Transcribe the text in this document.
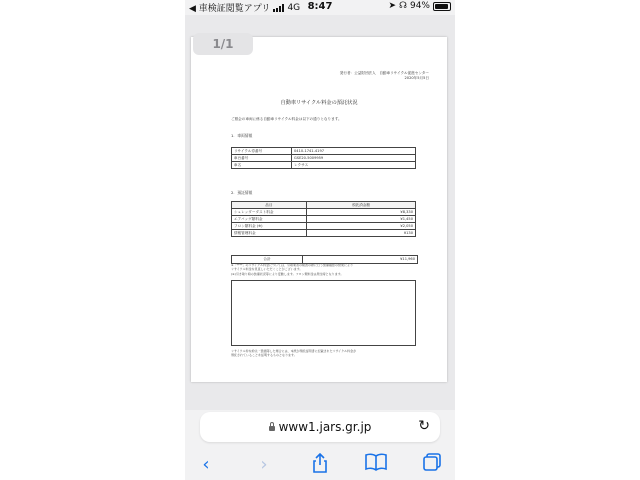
◀ 車検証閲覧アプリ 4G 8:47	➤ ☊ 94%
発行者：公益財団法人　自動車リサイクル促進センター
2020年5月5日
自動車リサイクル料金の預託状況
ご照会の車両に係る自動車リサイクル料金は以下の通りとなります。
1．車両情報
リサイクル券番号	0410-1741-4197
車台番号	GSE20-5009959
車名	レクサス
2．預託情報
品目	預託済金額
シュレッダーダスト料金	¥8,330
エアバッグ類料金	¥1,450
フロン類料金 (※)	¥2,050
情報管理料金	¥130
合計	¥11,960
※「****」のリサイクル料金については、引取業者の検査の際に行う装備確認の結果により
リサイクル料金を見直しいただくことがございます。
(※)引き取り時の装備状況等により変動します。フロン類料金は発生時となります。
リサイクル券を紛失・毀損等した場合には、本紙が預託証明書に記載されたリサイクル料金が
預託されていることを証明するものとなります。
1/1
www1.jars.gr.jp	↻
‹	›
